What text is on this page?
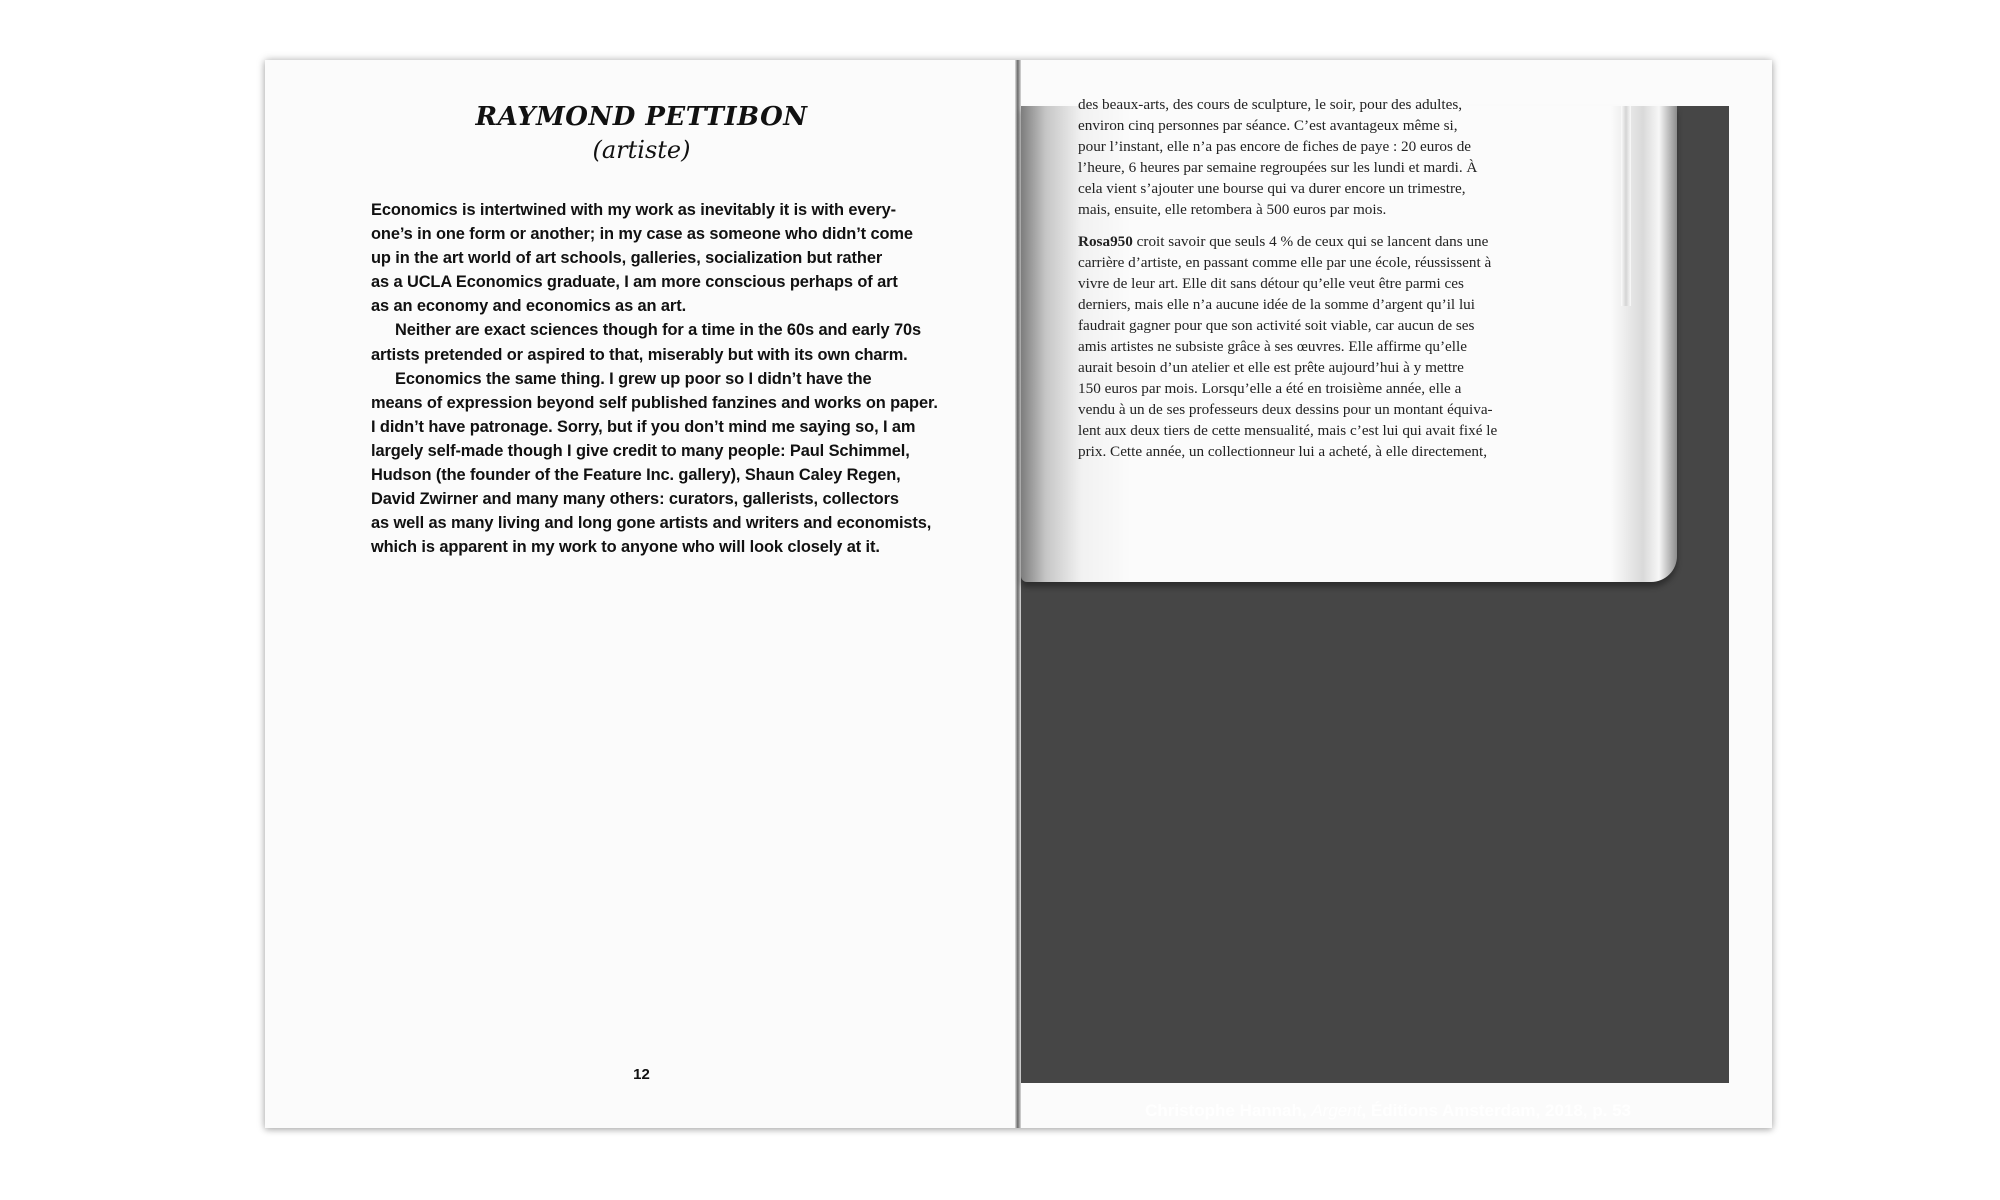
RAYMOND PETTIBON
(artiste)
Economics is intertwined with my work as inevitably it is with every-
one’s in one form or another; in my case as someone who didn’t come
up in the art world of art schools, galleries, socialization but rather
as a UCLA Economics graduate, I am more conscious perhaps of art
as an economy and economics as an art.
Neither are exact sciences though for a time in the 60s and early 70s
artists pretended or aspired to that, miserably but with its own charm.
Economics the same thing. I grew up poor so I didn’t have the
means of expression beyond self published fanzines and works on paper.
I didn’t have patronage. Sorry, but if you don’t mind me saying so, I am
largely self-made though I give credit to many people: Paul Schimmel,
Hudson (the founder of the Feature Inc. gallery), Shaun Caley Regen,
David Zwirner and many many others: curators, gallerists, collectors
as well as many living and long gone artists and writers and economists,
which is apparent in my work to anyone who will look closely at it.
12
des beaux-arts, des cours de sculpture, le soir, pour des adultes,
environ cinq personnes par séance. C’est avantageux même si,
pour l’instant, elle n’a pas encore de fiches de paye : 20 euros de
l’heure, 6 heures par semaine regroupées sur les lundi et mardi. À
cela vient s’ajouter une bourse qui va durer encore un trimestre,
mais, ensuite, elle retombera à 500 euros par mois.
Rosa950 croit savoir que seuls 4 % de ceux qui se lancent dans une
carrière d’artiste, en passant comme elle par une école, réussissent à
vivre de leur art. Elle dit sans détour qu’elle veut être parmi ces
derniers, mais elle n’a aucune idée de la somme d’argent qu’il lui
faudrait gagner pour que son activité soit viable, car aucun de ses
amis artistes ne subsiste grâce à ses œuvres. Elle affirme qu’elle
aurait besoin d’un atelier et elle est prête aujourd’hui à y mettre
150 euros par mois. Lorsqu’elle a été en troisième année, elle a
vendu à un de ses professeurs deux dessins pour un montant équiva-
lent aux deux tiers de cette mensualité, mais c’est lui qui avait fixé le
prix. Cette année, un collectionneur lui a acheté, à elle directement,
Christophe Hannah, Argent, Éditions Amsterdam, 2018, p. 53
